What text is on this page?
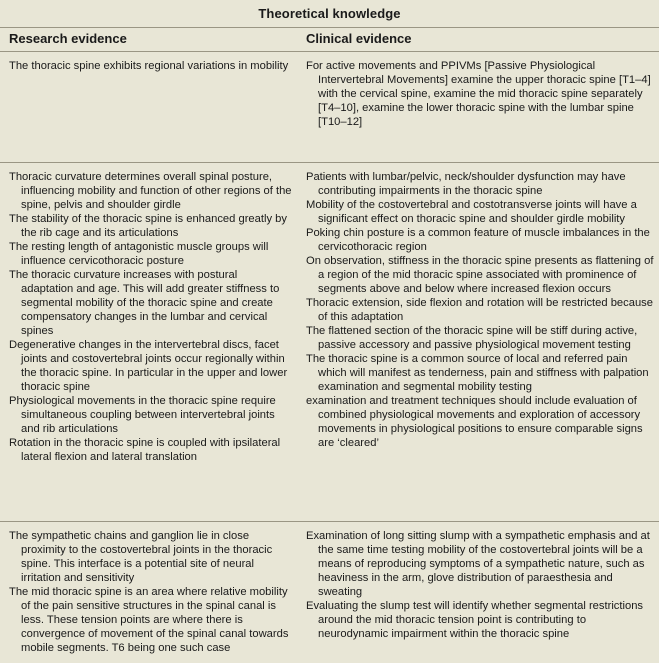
Theoretical knowledge
Research evidence	Clinical evidence

The thoracic spine exhibits regional variations in mobility	For active movements and PPIVMs [Passive Physiological Intervertebral Movements] examine the upper thoracic spine [T1–4] with the cervical spine, examine the mid thoracic spine separately [T4–10], examine the lower thoracic spine with the lumbar spine [T10–12]

Thoracic curvature determines overall spinal posture, influencing mobility and function of other regions of the spine, pelvis and shoulder girdle

The stability of the thoracic spine is enhanced greatly by the rib cage and its articulations

The resting length of antagonistic muscle groups will influence cervicothoracic posture

The thoracic curvature increases with postural adaptation and age. This will add greater stiffness to segmental mobility of the thoracic spine and create compensatory changes in the lumbar and cervical spines

Degenerative changes in the intervertebral discs, facet joints and costovertebral joints occur regionally within the thoracic spine. In particular in the upper and lower thoracic spine

Physiological movements in the thoracic spine require simultaneous coupling between intervertebral joints and rib articulations

Rotation in the thoracic spine is coupled with ipsilateral lateral flexion and lateral translation

Patients with lumbar/pelvic, neck/shoulder dysfunction may have contributing impairments in the thoracic spine

Mobility of the costovertebral and costotransverse joints will have a significant effect on thoracic spine and shoulder girdle mobility

Poking chin posture is a common feature of muscle imbalances in the cervicothoracic region

On observation, stiffness in the thoracic spine presents as flattening of a region of the mid thoracic spine associated with prominence of segments above and below where increased flexion occurs

Thoracic extension, side flexion and rotation will be restricted because of this adaptation

The flattened section of the thoracic spine will be stiff during active, passive accessory and passive physiological movement testing

The thoracic spine is a common source of local and referred pain which will manifest as tenderness, pain and stiffness with palpation examination and segmental mobility testing

examination and treatment techniques should include evaluation of combined physiological movements and exploration of accessory movements in physiological positions to ensure comparable signs are ‘cleared’

The sympathetic chains and ganglion lie in close proximity to the costovertebral joints in the thoracic spine. This interface is a potential site of neural irritation and sensitivity

The mid thoracic spine is an area where relative mobility of the pain sensitive structures in the spinal canal is less. These tension points are where there is convergence of movement of the spinal canal towards mobile segments. T6 being one such case

Examination of long sitting slump with a sympathetic emphasis and at the same time testing mobility of the costovertebral joints will be a means of reproducing symptoms of a sympathetic nature, such as heaviness in the arm, glove distribution of paraesthesia and sweating

Evaluating the slump test will identify whether segmental restrictions around the mid thoracic tension point is contributing to neurodynamic impairment within the thoracic spine
